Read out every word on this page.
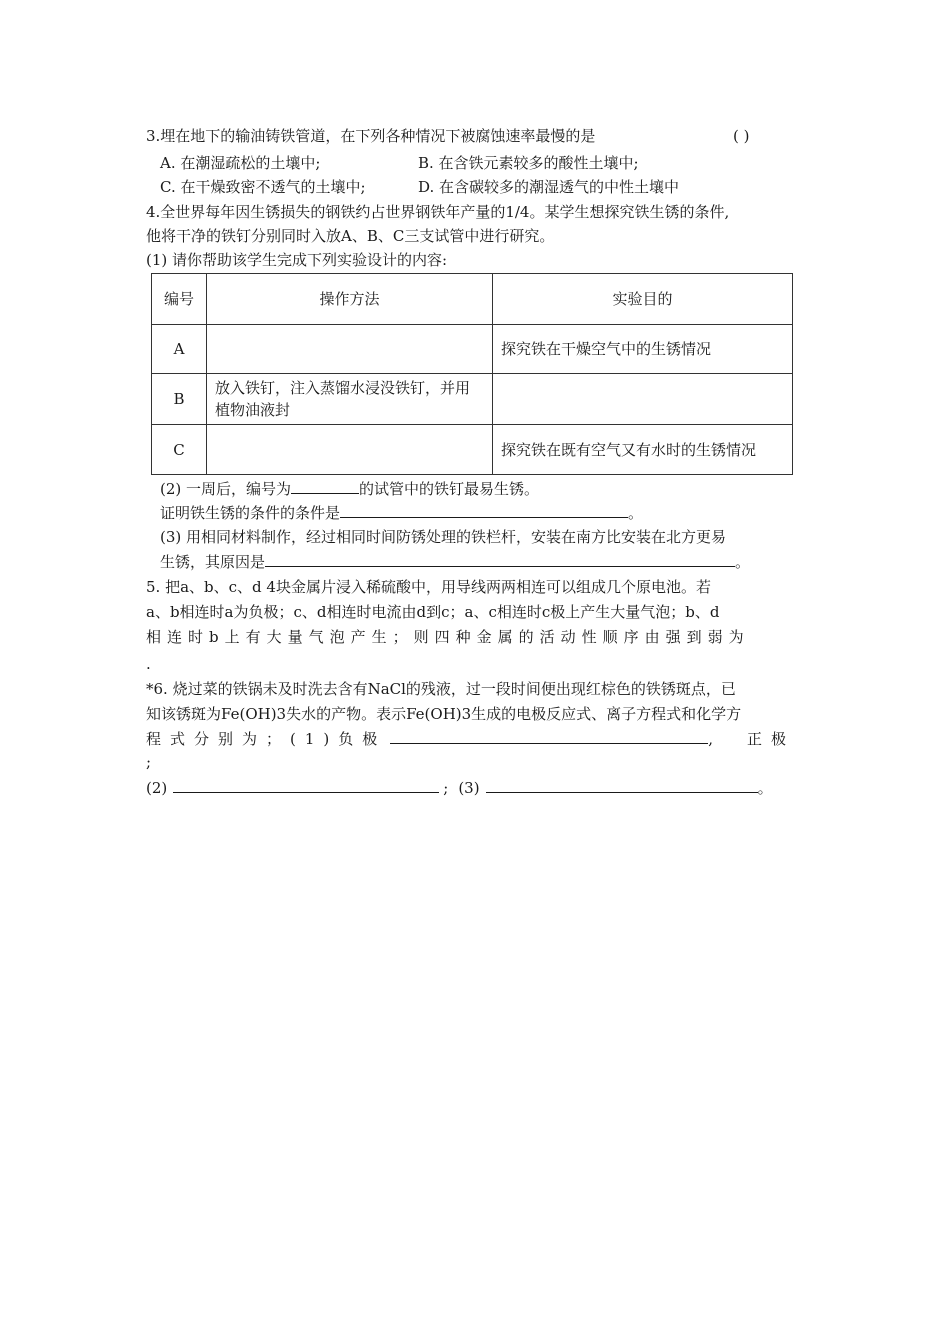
3.埋在地下的输油铸铁管道，在下列各种情况下被腐蚀速率最慢的是	( )
A. 在潮湿疏松的土壤中;	B. 在含铁元素较多的酸性土壤中;
C. 在干燥致密不透气的土壤中;	D. 在含碳较多的潮湿透气的中性土壤中
4.全世界每年因生锈损失的钢铁约占世界钢铁年产量的1/4。某学生想探究铁生锈的条件,
他将干净的铁钉分别同时入放A、B、C三支试管中进行研究。
(1) 请你帮助该学生完成下列实验设计的内容:
编号	操作方法	实验目的
A		探究铁在干燥空气中的生锈情况
B	放入铁钉，注入蒸馏水浸没铁钉，并用植物油液封	
C		探究铁在既有空气又有水时的生锈情况
(2) 一周后，编号为	的试管中的铁钉最易生锈。
证明铁生锈的条件的条件是	。
(3) 用相同材料制作，经过相同时间防锈处理的铁栏杆，安装在南方比安装在北方更易
生锈，其原因是	。
5. 把a、b、c、d 4块金属片浸入稀硫酸中，用导线两两相连可以组成几个原电池。若
a、b相连时a为负极；c、d相连时电流由d到c；a、c相连时c极上产生大量气泡；b、d
相连时b上有大量气泡产生；则四种金属的活动性顺序由强到弱为
.
*6. 烧过菜的铁锅未及时洗去含有NaCl的残液，过一段时间便出现红棕色的铁锈斑点，已
知该锈斑为Fe(OH)3失水的产物。表示Fe(OH)3生成的电极反应式、离子方程式和化学方
程式分别为；(1)负极	, 正极
;
(2)	; (3)	。
